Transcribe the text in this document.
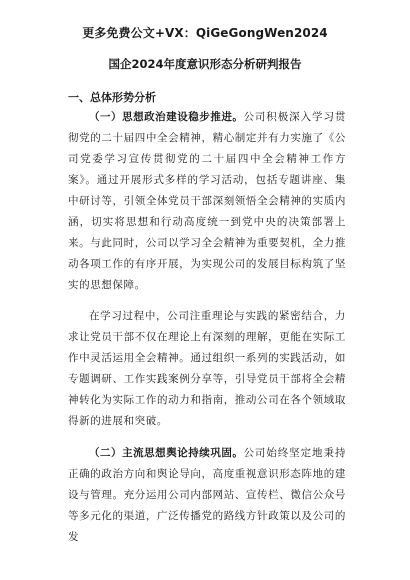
更多免费公文+VX：QiGeGongWen2024
国企2024年度意识形态分析研判报告
一、总体形势分析

（一）思想政治建设稳步推进。公司积极深入学习贯彻党的二十届四中全会精神，精心制定并有力实施了《公司党委学习宣传贯彻党的二十届四中全会精神工作方案》。通过开展形式多样的学习活动，包括专题讲座、集中研讨等，引领全体党员干部深刻领悟全会精神的实质内涵，切实将思想和行动高度统一到党中央的决策部署上来。与此同时，公司以学习全会精神为重要契机，全力推动各项工作的有序开展，为实现公司的发展目标构筑了坚实的思想保障。

在学习过程中，公司注重理论与实践的紧密结合，力求让党员干部不仅在理论上有深刻的理解，更能在实际工作中灵活运用全会精神。通过组织一系列的实践活动，如专题调研、工作实践案例分享等，引导党员干部将全会精神转化为实际工作的动力和指南，推动公司在各个领域取得新的进展和突破。

（二）主流思想舆论持续巩固。公司始终坚定地秉持正确的政治方向和舆论导向，高度重视意识形态阵地的建设与管理。充分运用公司内部网站、宣传栏、微信公众号等多元化的渠道，广泛传播党的路线方针政策以及公司的发
